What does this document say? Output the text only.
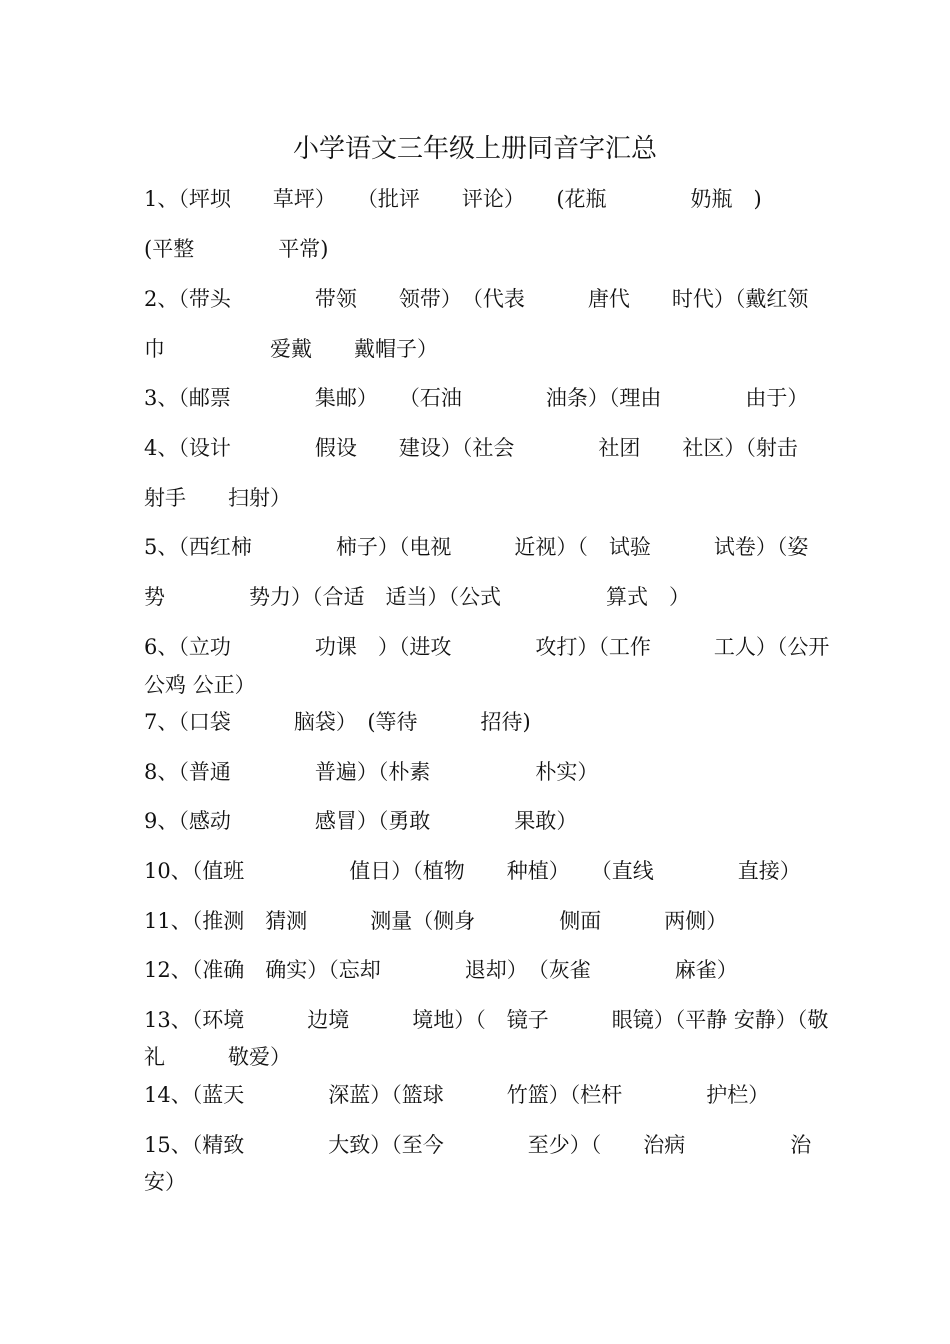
小学语文三年级上册同音字汇总
1、（坪坝　　草坪）　　（批评　　评论）　　(花瓶　　　　奶瓶　)
(平整　　　　平常)
2、（带头　　　　带领　　领带）　（代表　　　唐代　　时代）（戴红领
巾　　　　　爱戴　　戴帽子）
3、（邮票　　　　集邮）　　（石油　　　　油条）（理由　　　　由于）
4、（设计　　　　假设　　建设）（社会　　　　社团　　社区）（射击
射手　　扫射）
5、（西红柿　　　　柿子）（电视　　　近视）（　试验　　　试卷）（姿
势　　　　势力）（合适　适当）（公式　　　　　算式　）
6、（立功　　　　功课　）（进攻　　　　攻打）（工作　　　工人）（公开
公鸡 公正）
7、（口袋　　　脑袋）　(等待　　　招待)
8、（普通　　　　普遍）（朴素　　　　　朴实）
9、（感动　　　　感冒）（勇敢　　　　果敢）
10、（值班　　　　　值日）（植物　　种植）　　（直线　　　　直接）
11、（推测　猜测　　　测量（侧身　　　　侧面　　　两侧）
12、（准确　确实）（忘却　　　　退却）　（灰雀　　　　麻雀）
13、（环境　　　边境　　　境地）（　镜子　　　眼镜）（平静 安静）（敬
礼　　　敬爱）
14、（蓝天　　　　深蓝）（篮球　　　竹篮）（栏杆　　　　护栏）
15、（精致　　　　大致）（至今　　　　至少）（　　治病　　　　　治
安）
